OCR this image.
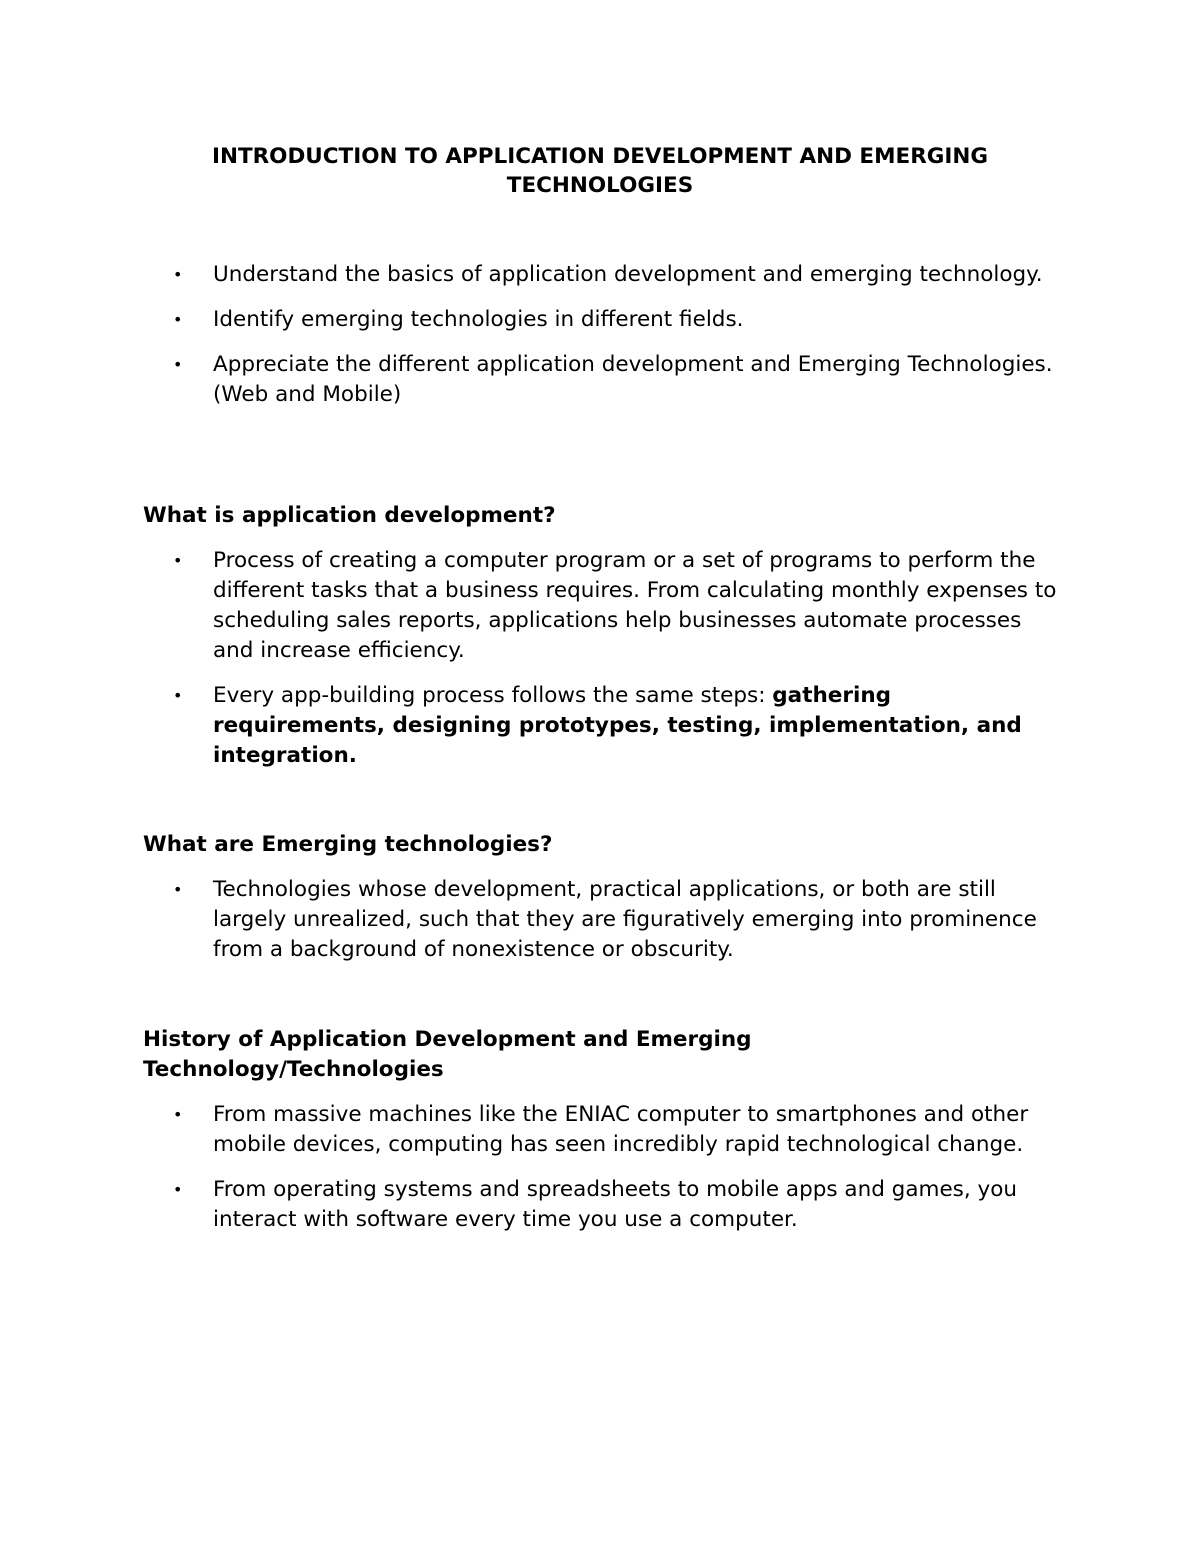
INTRODUCTION TO APPLICATION DEVELOPMENT AND EMERGING TECHNOLOGIES
• Understand the basics of application development and emerging technology.
• Identify emerging technologies in different fields.
• Appreciate the different application development and Emerging Technologies. (Web and Mobile)
What is application development?
• Process of creating a computer program or a set of programs to perform the different tasks that a business requires. From calculating monthly expenses to scheduling sales reports, applications help businesses automate processes and increase efficiency.
• Every app-building process follows the same steps: gathering requirements, designing prototypes, testing, implementation, and integration.
What are Emerging technologies?
• Technologies whose development, practical applications, or both are still largely unrealized, such that they are figuratively emerging into prominence from a background of nonexistence or obscurity.
History of Application Development and Emerging Technology/Technologies
• From massive machines like the ENIAC computer to smartphones and other mobile devices, computing has seen incredibly rapid technological change.
• From operating systems and spreadsheets to mobile apps and games, you interact with software every time you use a computer.
